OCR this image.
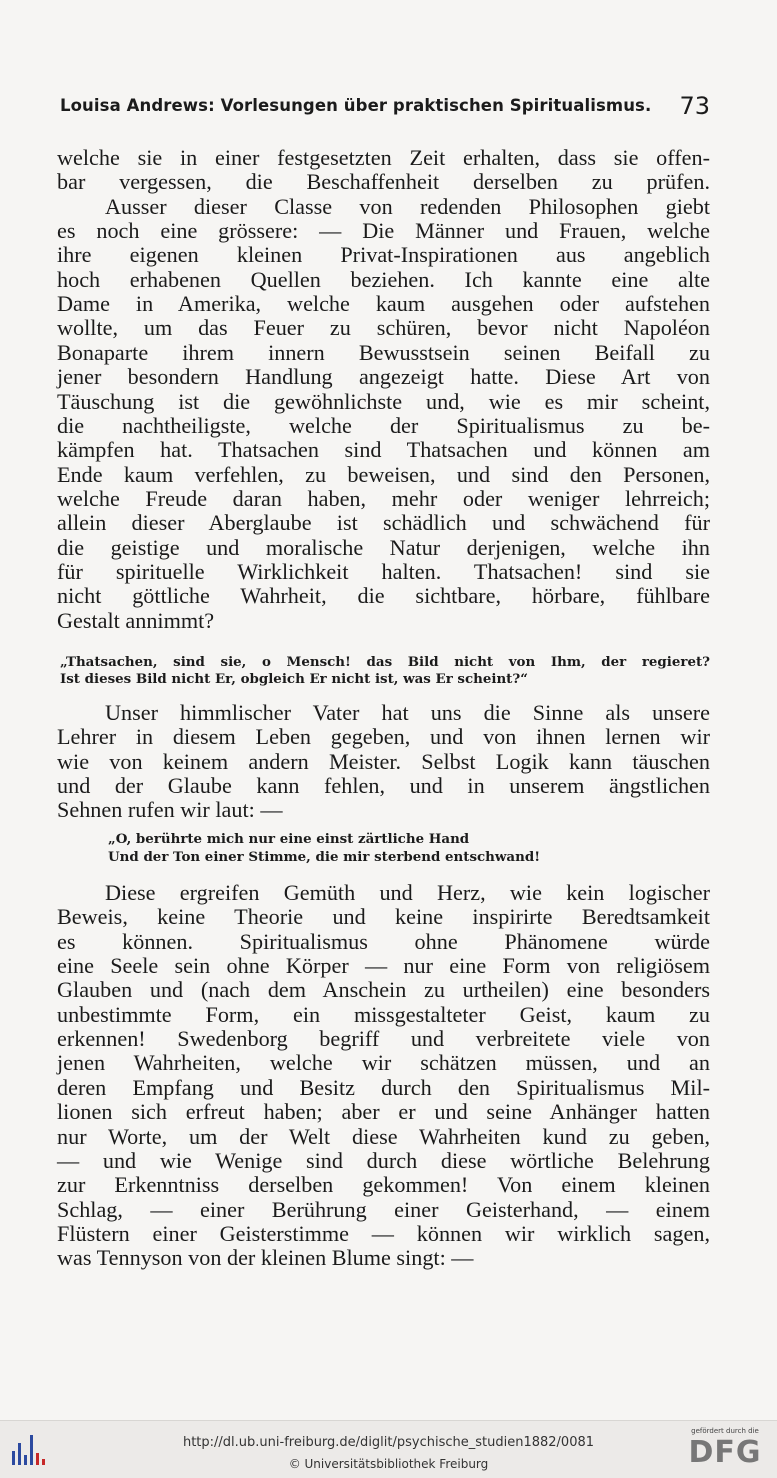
Louisa Andrews: Vorlesungen über praktischen Spiritualismus. 73
welche sie in einer festgesetzten Zeit erhalten, dass sie offen-
bar vergessen, die Beschaffenheit derselben zu prüfen.
Ausser dieser Classe von redenden Philosophen giebt
es noch eine grössere: — Die Männer und Frauen, welche
ihre eigenen kleinen Privat-Inspirationen aus angeblich
hoch erhabenen Quellen beziehen. Ich kannte eine alte
Dame in Amerika, welche kaum ausgehen oder aufstehen
wollte, um das Feuer zu schüren, bevor nicht Napoléon
Bonaparte ihrem innern Bewusstsein seinen Beifall zu
jener besondern Handlung angezeigt hatte. Diese Art von
Täuschung ist die gewöhnlichste und, wie es mir scheint,
die nachtheiligste, welche der Spiritualismus zu be-
kämpfen hat. Thatsachen sind Thatsachen und können am
Ende kaum verfehlen, zu beweisen, und sind den Personen,
welche Freude daran haben, mehr oder weniger lehrreich;
allein dieser Aberglaube ist schädlich und schwächend für
die geistige und moralische Natur derjenigen, welche ihn
für spirituelle Wirklichkeit halten. Thatsachen! sind sie
nicht göttliche Wahrheit, die sichtbare, hörbare, fühlbare
Gestalt annimmt?
„Thatsachen, sind sie, o Mensch! das Bild nicht von Ihm, der regieret?
Ist dieses Bild nicht Er, obgleich Er nicht ist, was Er scheint?“
Unser himmlischer Vater hat uns die Sinne als unsere
Lehrer in diesem Leben gegeben, und von ihnen lernen wir
wie von keinem andern Meister. Selbst Logik kann täuschen
und der Glaube kann fehlen, und in unserem ängstlichen
Sehnen rufen wir laut: —
„O, berührte mich nur eine einst zärtliche Hand
Und der Ton einer Stimme, die mir sterbend entschwand!
Diese ergreifen Gemüth und Herz, wie kein logischer
Beweis, keine Theorie und keine inspirirte Beredtsamkeit
es können. Spiritualismus ohne Phänomene würde
eine Seele sein ohne Körper — nur eine Form von religiösem
Glauben und (nach dem Anschein zu urtheilen) eine besonders
unbestimmte Form, ein missgestalteter Geist, kaum zu
erkennen! Swedenborg begriff und verbreitete viele von
jenen Wahrheiten, welche wir schätzen müssen, und an
deren Empfang und Besitz durch den Spiritualismus Mil-
lionen sich erfreut haben; aber er und seine Anhänger hatten
nur Worte, um der Welt diese Wahrheiten kund zu geben,
— und wie Wenige sind durch diese wörtliche Belehrung
zur Erkenntniss derselben gekommen! Von einem kleinen
Schlag, — einer Berührung einer Geisterhand, — einem
Flüstern einer Geisterstimme — können wir wirklich sagen,
was Tennyson von der kleinen Blume singt: —
http://dl.ub.uni-freiburg.de/diglit/psychische_studien1882/0081
© Universitätsbibliothek Freiburg
gefördert durch die
DFG
